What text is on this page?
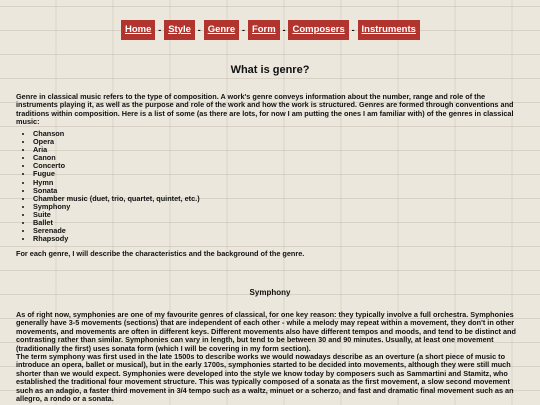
Home - Style - Genre - Form - Composers - Instruments
What is genre?

Genre in classical music refers to the type of composition. A work's genre conveys information about the number, range and role of the instruments playing it, as well as the purpose and role of the work and how the work is structured. Genres are formed through conventions and traditions within composition. Here is a list of some (as there are lots, for now I am putting the ones I am familiar with) of the genres in classical music:

• Chanson
• Opera
• Aria
• Canon
• Concerto
• Fugue
• Hymn
• Sonata
• Chamber music (duet, trio, quartet, quintet, etc.)
• Symphony
• Suite
• Ballet
• Serenade
• Rhapsody

For each genre, I will describe the characteristics and the background of the genre.

Symphony

As of right now, symphonies are one of my favourite genres of classical, for one key reason: they typically involve a full orchestra. Symphonies generally have 3-5 movements (sections) that are independent of each other - while a melody may repeat within a movement, they don't in other movements, and movements are often in different keys. Different movements also have different tempos and moods, and tend to be distinct and contrasting rather than similar. Symphonies can vary in length, but tend to be between 30 and 90 minutes. Usually, at least one movement (traditionally the first) uses sonata form (which I will be covering in my form section).
The term symphony was first used in the late 1500s to describe works we would nowadays describe as an overture (a short piece of music to introduce an opera, ballet or musical), but in the early 1700s, symphonies started to be decided into movements, although they were still much shorter than we would expect. Symphonies were developed into the style we know today by composers such as Sammartini and Stamitz, who established the traditional four movement structure. This was typically composed of a sonata as the first movement, a slow second movement such as an adagio, a faster third movement in 3/4 tempo such as a waltz, minuet or a scherzo, and fast and dramatic final movement such as an allegro, a rondo or a sonata.
